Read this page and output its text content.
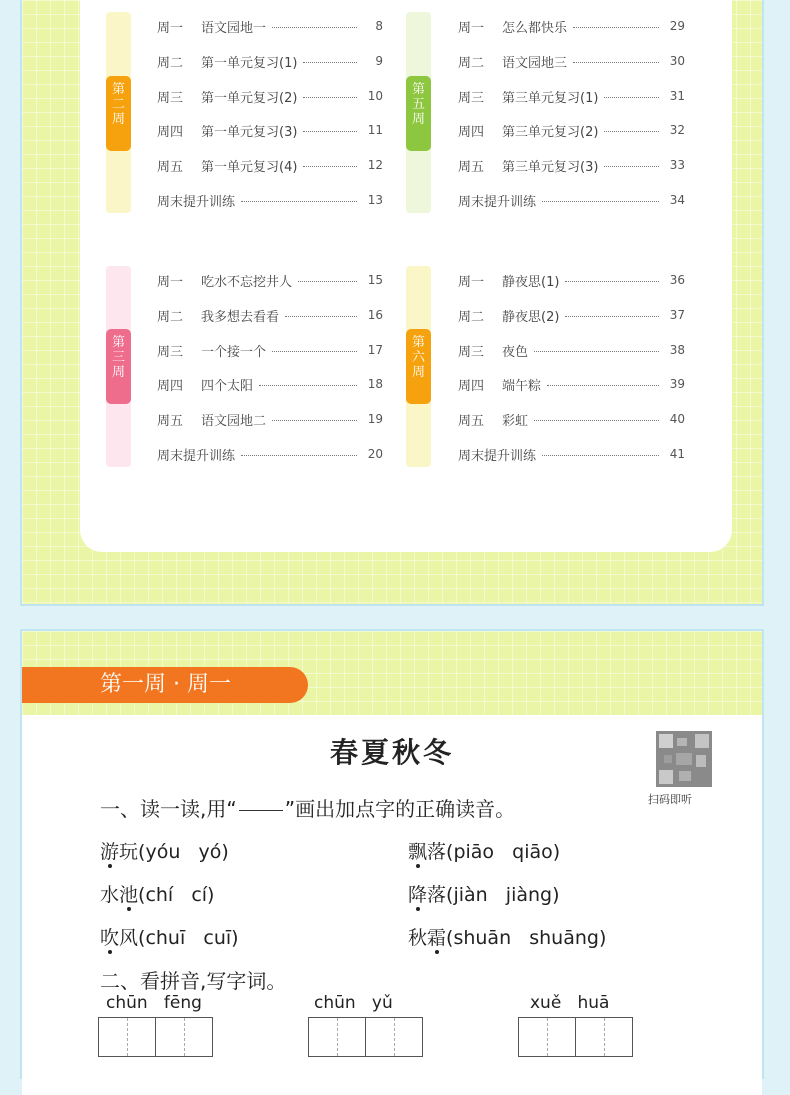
第二周
第三周
第五周
第六周
周一	语文园地一	8
周二	第一单元复习(1)	9
周三	第一单元复习(2)	10
周四	第一单元复习(3)	11
周五	第一单元复习(4)	12
周末提升训练	13
周一	吃水不忘挖井人	15
周二	我多想去看看	16
周三	一个接一个	17
周四	四个太阳	18
周五	语文园地二	19
周末提升训练	20
周一	怎么都快乐	29
周二	语文园地三	30
周三	第三单元复习(1)	31
周四	第三单元复习(2)	32
周五	第三单元复习(3)	33
周末提升训练	34
周一	静夜思(1)	36
周二	静夜思(2)	37
周三	夜色	38
周四	端午粽	39
周五	彩虹	40
周末提升训练	41
第一周 · 周一
春夏秋冬
扫码即听
一、读一读,用“ ”画出加点字的正确读音。
游玩(yóu   yó)	飘落(piāo   qiāo)
水池(chí   cí)	降落(jiàn   jiàng)
吹风(chuī   cuī)	秋霜(shuān   shuāng)
二、看拼音,写字词。
chūn   fēng	chūn   yǔ	xuě   huā
